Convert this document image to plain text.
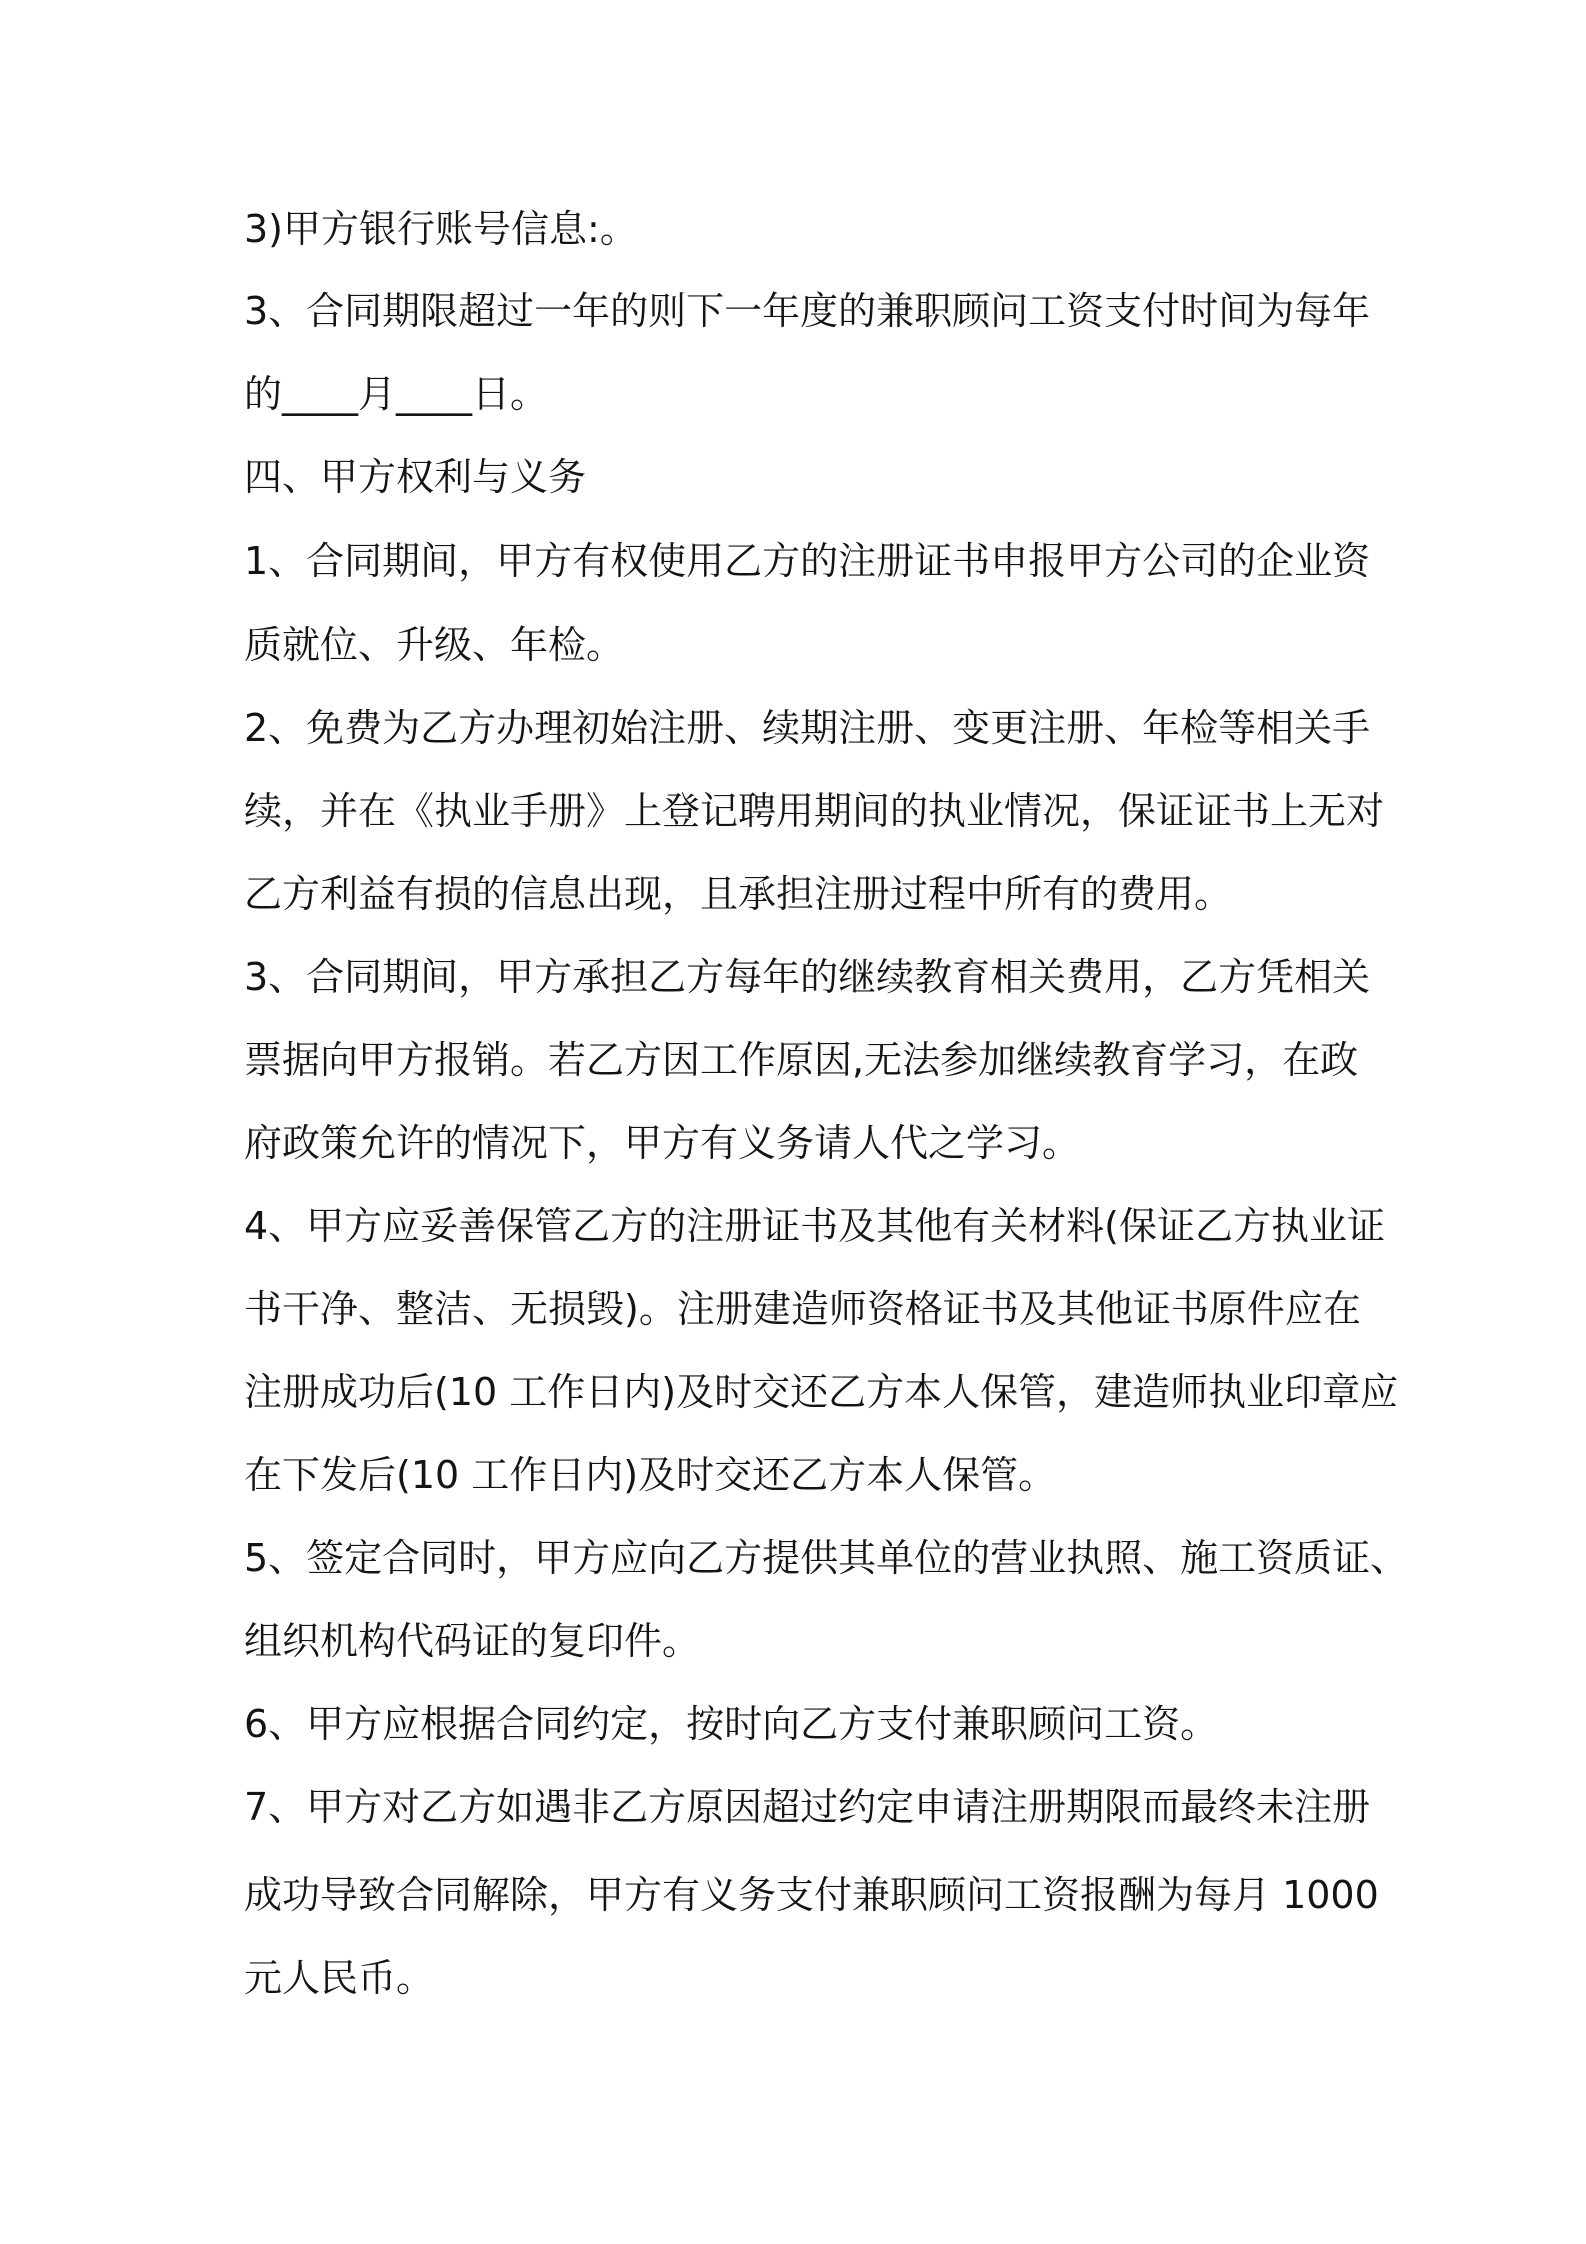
3)甲方银行账号信息:。

3、合同期限超过一年的则下一年度的兼职顾问工资支付时间为每年

的____月____日。

四、甲方权利与义务

1、合同期间，甲方有权使用乙方的注册证书申报甲方公司的企业资

质就位、升级、年检。

2、免费为乙方办理初始注册、续期注册、变更注册、年检等相关手

续，并在《执业手册》上登记聘用期间的执业情况，保证证书上无对

乙方利益有损的信息出现，且承担注册过程中所有的费用。

3、合同期间，甲方承担乙方每年的继续教育相关费用，乙方凭相关

票据向甲方报销。若乙方因工作原因,无法参加继续教育学习，在政

府政策允许的情况下，甲方有义务请人代之学习。

4、甲方应妥善保管乙方的注册证书及其他有关材料(保证乙方执业证

书干净、整洁、无损毁)。注册建造师资格证书及其他证书原件应在

注册成功后(10 工作日内)及时交还乙方本人保管，建造师执业印章应

在下发后(10 工作日内)及时交还乙方本人保管。

5、签定合同时，甲方应向乙方提供其单位的营业执照、施工资质证、

组织机构代码证的复印件。

6、甲方应根据合同约定，按时向乙方支付兼职顾问工资。

7、甲方对乙方如遇非乙方原因超过约定申请注册期限而最终未注册

成功导致合同解除，甲方有义务支付兼职顾问工资报酬为每月 1000

元人民币。
